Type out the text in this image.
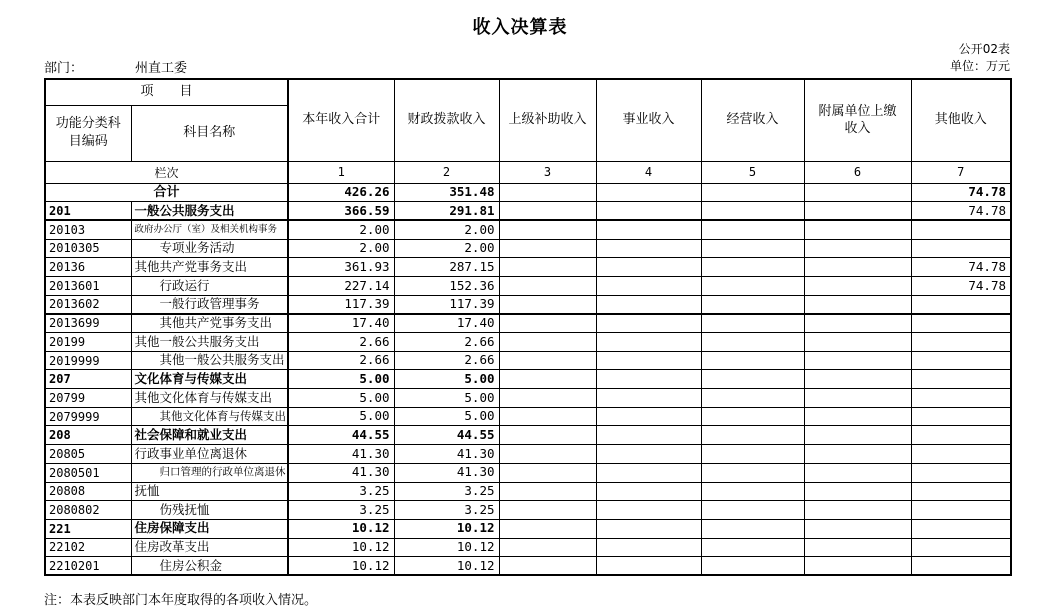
收入决算表
公开02表
部门：	州直工委	单位：万元
项　　目		本年收入合计	财政拨款收入	上级补助收入	事业收入	经营收入	附属单位上缴收入	其他收入
功能分类科目编码	科目名称							
栏次		1	2	3	4	5	6	7
合计		426.26	351.48					74.78
201	一般公共服务支出	366.59	291.81					74.78
20103	政府办公厅（室）及相关机构事务	2.00	2.00					
2010305	专项业务活动	2.00	2.00					
20136	其他共产党事务支出	361.93	287.15					74.78
2013601	行政运行	227.14	152.36					74.78
2013602	一般行政管理事务	117.39	117.39					
2013699	其他共产党事务支出	17.40	17.40					
20199	其他一般公共服务支出	2.66	2.66					
2019999	其他一般公共服务支出	2.66	2.66					
207	文化体育与传媒支出	5.00	5.00					
20799	其他文化体育与传媒支出	5.00	5.00					
2079999	其他文化体育与传媒支出	5.00	5.00					
208	社会保障和就业支出	44.55	44.55					
20805	行政事业单位离退休	41.30	41.30					
2080501	归口管理的行政单位离退休	41.30	41.30					
20808	抚恤	3.25	3.25					
2080802	伤残抚恤	3.25	3.25					
221	住房保障支出	10.12	10.12					
22102	住房改革支出	10.12	10.12					
2210201	住房公积金	10.12	10.12					
注：本表反映部门本年度取得的各项收入情况。
